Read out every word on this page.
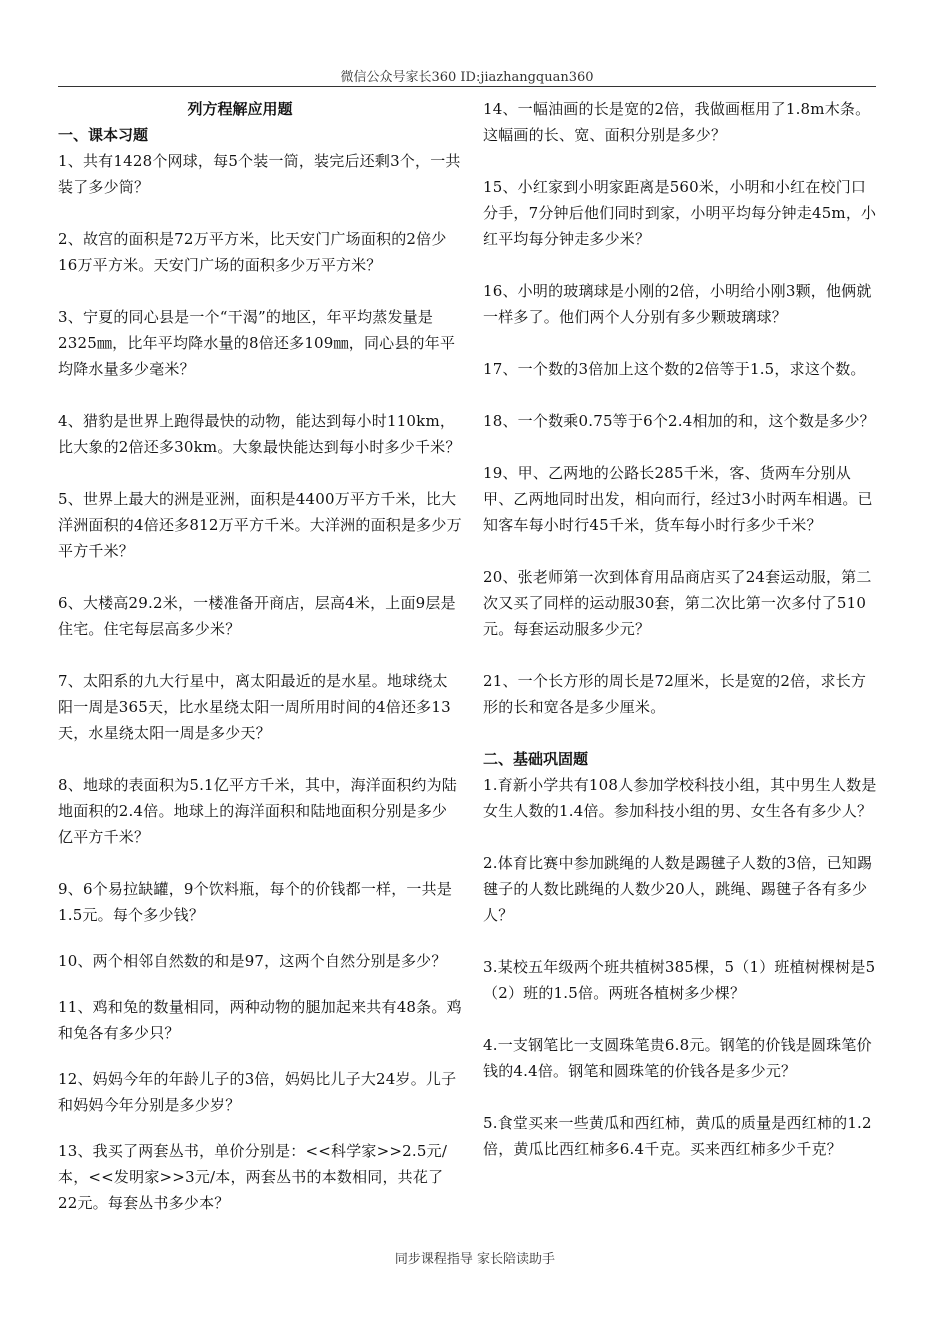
微信公众号家长360 ID:jiazhangquan360

列方程解应用题

一、课本习题

1、共有1428个网球，每5个装一筒，装完后还剩3个，一共装了多少筒？

2、故宫的面积是72万平方米，比天安门广场面积的2倍少16万平方米。天安门广场的面积多少万平方米？

3、宁夏的同心县是一个“干渴”的地区，年平均蒸发量是2325㎜，比年平均降水量的8倍还多109㎜，同心县的年平均降水量多少毫米？

4、猎豹是世界上跑得最快的动物，能达到每小时110km，比大象的2倍还多30km。大象最快能达到每小时多少千米？

5、世界上最大的洲是亚洲，面积是4400万平方千米，比大洋洲面积的4倍还多812万平方千米。大洋洲的面积是多少万平方千米？

6、大楼高29.2米，一楼准备开商店，层高4米，上面9层是住宅。住宅每层高多少米？

7、太阳系的九大行星中，离太阳最近的是水星。地球绕太阳一周是365天，比水星绕太阳一周所用时间的4倍还多13天，水星绕太阳一周是多少天？

8、地球的表面积为5.1亿平方千米，其中，海洋面积约为陆地面积的2.4倍。地球上的海洋面积和陆地面积分别是多少亿平方千米？

9、6个易拉缺罐，9个饮料瓶，每个的价钱都一样，一共是1.5元。每个多少钱？

10、两个相邻自然数的和是97，这两个自然分别是多少？

11、鸡和兔的数量相同，两种动物的腿加起来共有48条。鸡和兔各有多少只？

12、妈妈今年的年龄儿子的3倍，妈妈比儿子大24岁。儿子和妈妈今年分别是多少岁？

13、我买了两套丛书，单价分别是：<<科学家>>2.5元/本，<<发明家>>3元/本，两套丛书的本数相同，共花了22元。每套丛书多少本？

14、一幅油画的长是宽的2倍，我做画框用了1.8m木条。这幅画的长、宽、面积分别是多少？

15、小红家到小明家距离是560米，小明和小红在校门口分手，7分钟后他们同时到家，小明平均每分钟走45m，小红平均每分钟走多少米？

16、小明的玻璃球是小刚的2倍，小明给小刚3颗，他俩就一样多了。他们两个人分别有多少颗玻璃球？

17、一个数的3倍加上这个数的2倍等于1.5，求这个数。

18、一个数乘0.75等于6个2.4相加的和，这个数是多少？

19、甲、乙两地的公路长285千米，客、货两车分别从甲、乙两地同时出发，相向而行，经过3小时两车相遇。已知客车每小时行45千米，货车每小时行多少千米？

20、张老师第一次到体育用品商店买了24套运动服，第二次又买了同样的运动服30套，第二次比第一次多付了510元。每套运动服多少元？

21、一个长方形的周长是72厘米，长是宽的2倍，求长方形的长和宽各是多少厘米。

二、基础巩固题

1.育新小学共有108人参加学校科技小组，其中男生人数是女生人数的1.4倍。参加科技小组的男、女生各有多少人？

2.体育比赛中参加跳绳的人数是踢毽子人数的3倍，已知踢毽子的人数比跳绳的人数少20人，跳绳、踢毽子各有多少人？

3.某校五年级两个班共植树385棵，5（1）班植树棵树是5（2）班的1.5倍。两班各植树多少棵？

4.一支钢笔比一支圆珠笔贵6.8元。钢笔的价钱是圆珠笔价钱的4.4倍。钢笔和圆珠笔的价钱各是多少元？

5.食堂买来一些黄瓜和西红柿，黄瓜的质量是西红柿的1.2倍，黄瓜比西红柿多6.4千克。买来西红柿多少千克？

同步课程指导 家长陪读助手
